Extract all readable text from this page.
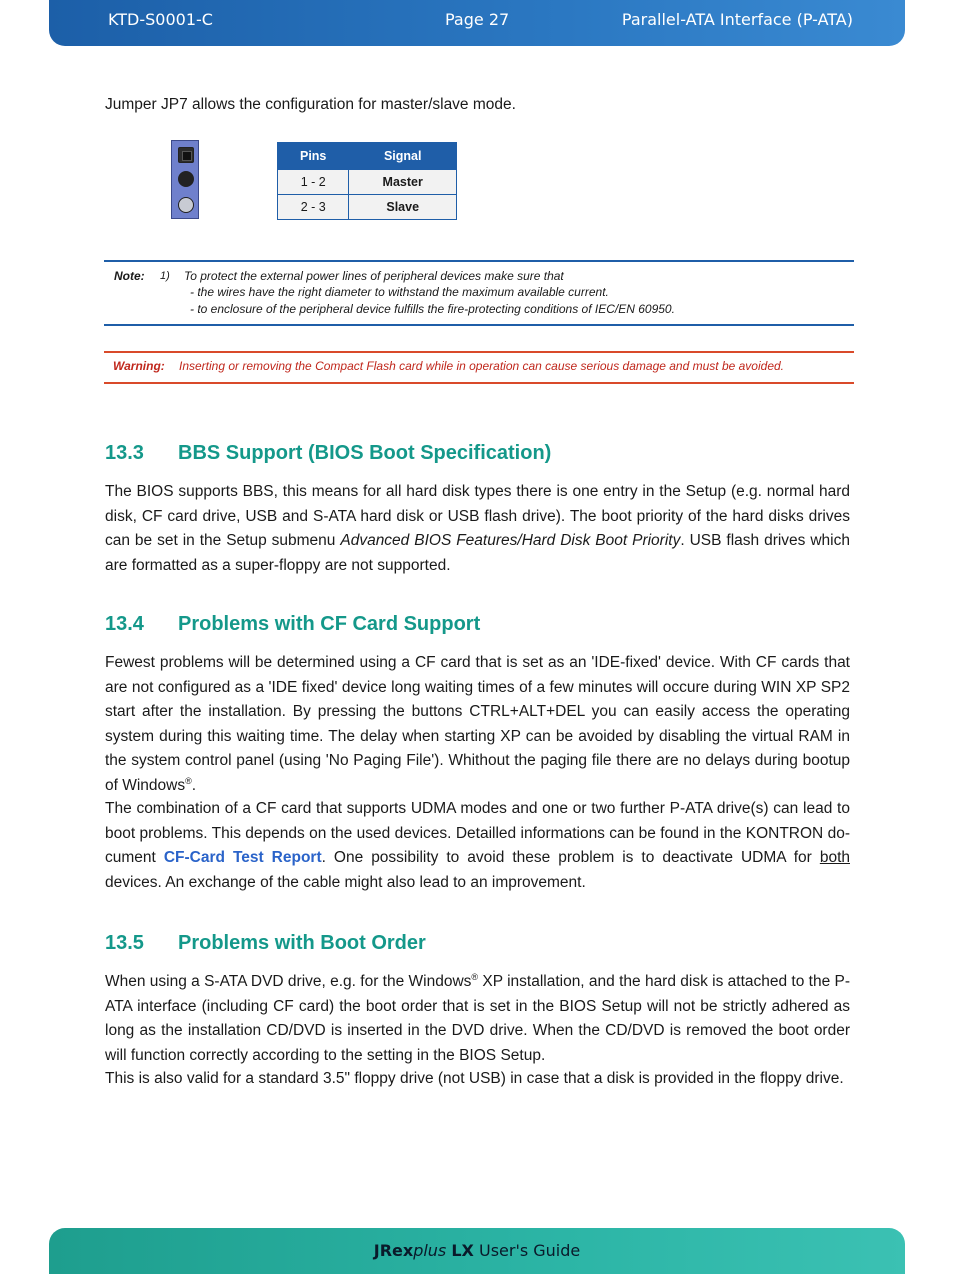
KTD-S0001-C	Page 27	Parallel-ATA Interface (P-ATA)
Jumper JP7 allows the configuration for master/slave mode.
Pins	Signal
1 - 2	Master
2 - 3	Slave
Note: 1) To protect the external power lines of peripheral devices make sure that
- the wires have the right diameter to withstand the maximum available current.
- to enclosure of the peripheral device fulfills the fire-protecting conditions of IEC/EN 60950.
Warning: Inserting or removing the Compact Flash card while in operation can cause serious damage and must be avoided.
13.3 BBS Support (BIOS Boot Specification)
The BIOS supports BBS, this means for all hard disk types there is one entry in the Setup (e.g. normal hard disk, CF card drive, USB and S-ATA hard disk or USB flash drive). The boot priority of the hard disks drives can be set in the Setup submenu Advanced BIOS Features/Hard Disk Boot Priority. USB flash drives which are formatted as a super-floppy are not supported.
13.4 Problems with CF Card Support
Fewest problems will be determined using a CF card that is set as an 'IDE-fixed' device. With CF cards that are not configured as a 'IDE fixed' device long waiting times of a few minutes will occure during WIN XP SP2 start after the installation. By pressing the buttons CTRL+ALT+DEL you can easily access the operating system during this waiting time. The delay when starting XP can be avoided by disabling the virtual RAM in the system control panel (using 'No Paging File'). Whithout the paging file there are no delays during bootup of Windows®.
The combination of a CF card that supports UDMA modes and one or two further P-ATA drive(s) can lead to boot problems. This depends on the used devices. Detailled informations can be found in the KONTRON document CF-Card Test Report. One possibility to avoid these problem is to deactivate UDMA for both devices. An exchange of the cable might also lead to an improvement.
13.5 Problems with Boot Order
When using a S-ATA DVD drive, e.g. for the Windows® XP installation, and the hard disk is attached to the P-ATA interface (including CF card) the boot order that is set in the BIOS Setup will not be strictly adhered as long as the installation CD/DVD is inserted in the DVD drive. When the CD/DVD is removed the boot order will function correctly according to the setting in the BIOS Setup.
This is also valid for a standard 3.5" floppy drive (not USB) in case that a disk is provided in the floppy drive.
JRexplus LX User's Guide
